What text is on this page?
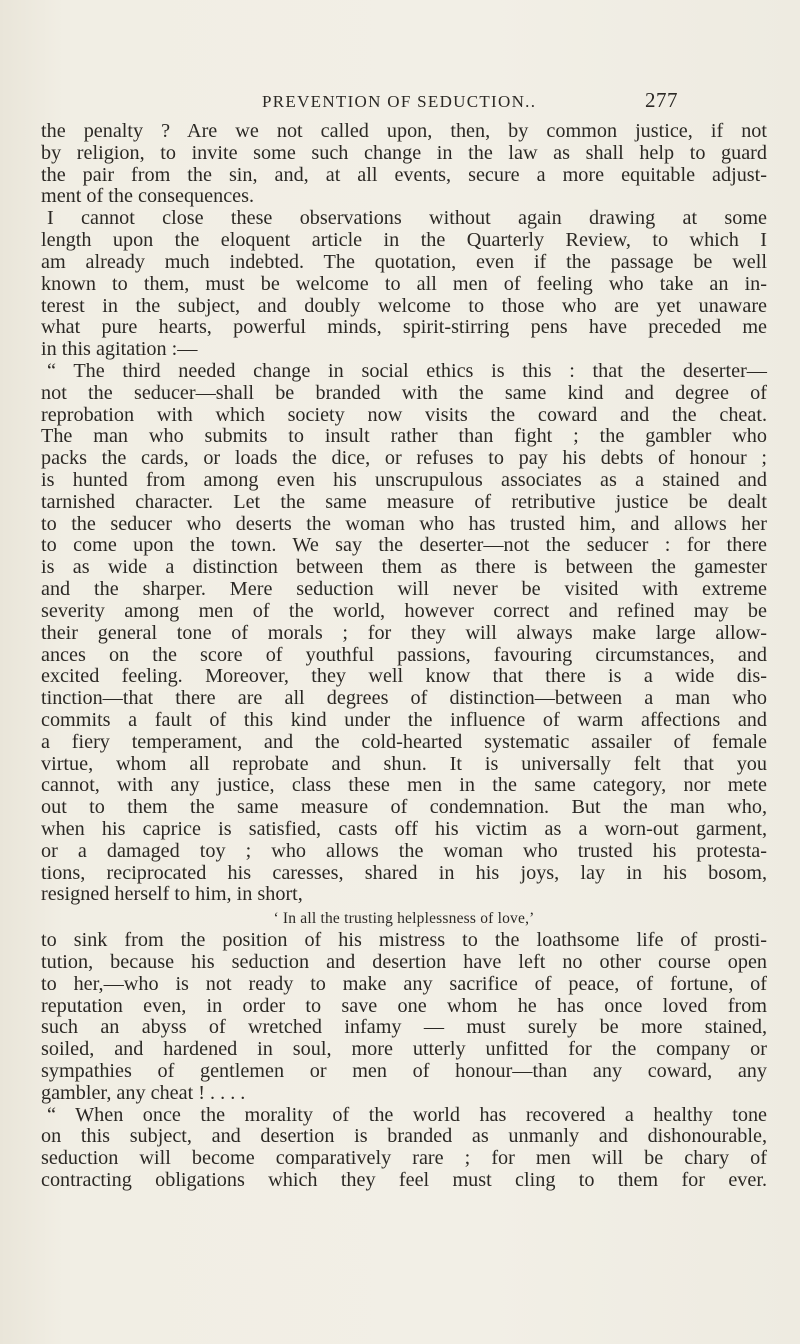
PREVENTION OF SEDUCTION..	277
the penalty ? Are we not called upon, then, by common justice, if not
by religion, to invite some such change in the law as shall help to guard
the pair from the sin, and, at all events, secure a more equitable adjust-
ment of the consequences.
I cannot close these observations without again drawing at some
length upon the eloquent article in the Quarterly Review, to which I
am already much indebted. The quotation, even if the passage be well
known to them, must be welcome to all men of feeling who take an in-
terest in the subject, and doubly welcome to those who are yet unaware
what pure hearts, powerful minds, spirit-stirring pens have preceded me
in this agitation :—
“ The third needed change in social ethics is this : that the deserter—
not the seducer—shall be branded with the same kind and degree of
reprobation with which society now visits the coward and the cheat.
The man who submits to insult rather than fight ; the gambler who
packs the cards, or loads the dice, or refuses to pay his debts of honour ;
is hunted from among even his unscrupulous associates as a stained and
tarnished character. Let the same measure of retributive justice be dealt
to the seducer who deserts the woman who has trusted him, and allows her
to come upon the town. We say the deserter—not the seducer : for there
is as wide a distinction between them as there is between the gamester
and the sharper. Mere seduction will never be visited with extreme
severity among men of the world, however correct and refined may be
their general tone of morals ; for they will always make large allow-
ances on the score of youthful passions, favouring circumstances, and
excited feeling. Moreover, they well know that there is a wide dis-
tinction—that there are all degrees of distinction—between a man who
commits a fault of this kind under the influence of warm affections and
a fiery temperament, and the cold-hearted systematic assailer of female
virtue, whom all reprobate and shun. It is universally felt that you
cannot, with any justice, class these men in the same category, nor mete
out to them the same measure of condemnation. But the man who,
when his caprice is satisfied, casts off his victim as a worn-out garment,
or a damaged toy ; who allows the woman who trusted his protesta-
tions, reciprocated his caresses, shared in his joys, lay in his bosom,
resigned herself to him, in short,
‘ In all the trusting helplessness of love,’
to sink from the position of his mistress to the loathsome life of prosti-
tution, because his seduction and desertion have left no other course open
to her,—who is not ready to make any sacrifice of peace, of fortune, of
reputation even, in order to save one whom he has once loved from
such an abyss of wretched infamy — must surely be more stained,
soiled, and hardened in soul, more utterly unfitted for the company or
sympathies of gentlemen or men of honour—than any coward, any
gambler, any cheat ! . . . .
“ When once the morality of the world has recovered a healthy tone
on this subject, and desertion is branded as unmanly and dishonourable,
seduction will become comparatively rare ; for men will be chary of
contracting obligations which they feel must cling to them for ever.
